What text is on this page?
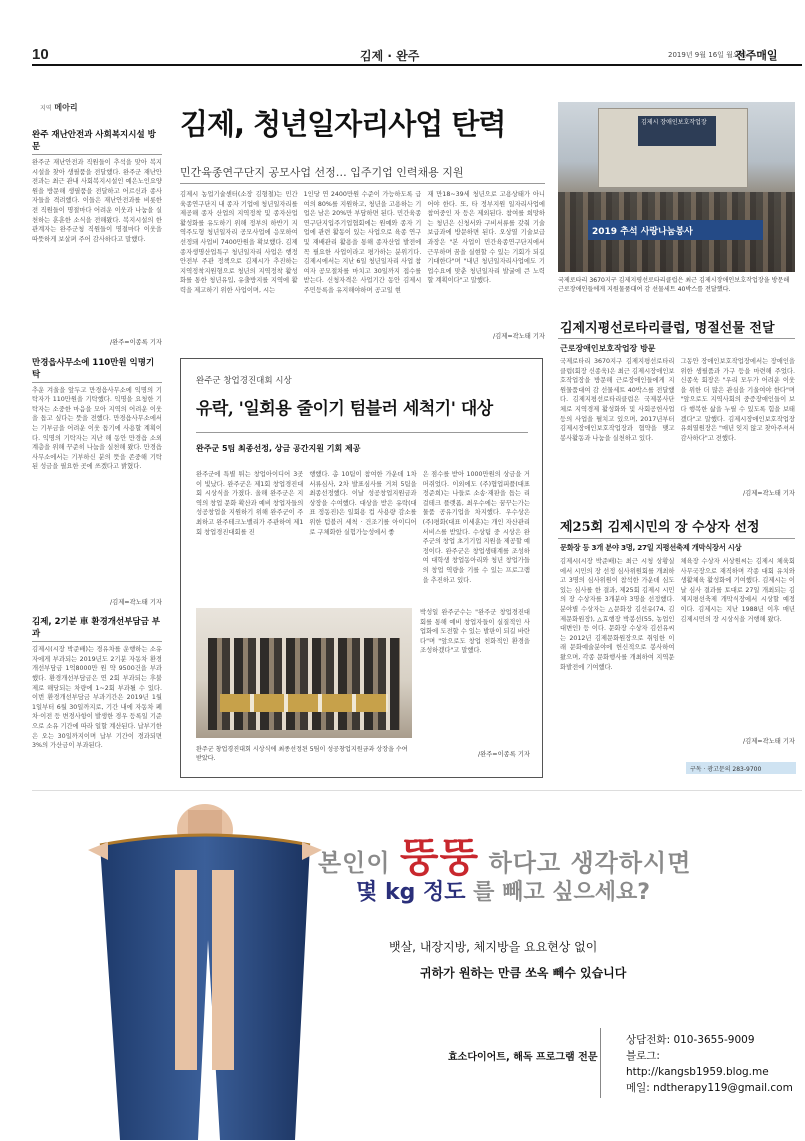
10	김제 · 완주	2019년 9월 16일 월요일
전주매일
지역 메아리
완주 재난안전과 사회복지시설 방문

완주군 재난안전과 직원들이 추석을 맞아 복지시설을 찾아 생필품을 전달했다. 완주군 재난안전과는 최근 관내 사회복지시설인 예은노인요양원을 방문해 생필품을 전달하고 어르신과 종사자들을 격려했다. 이들은 재난안전과를 비롯한 전 직원들이 명절마다 어려운 이웃과 나눔을 실천하는 훈훈한 소식을 전해왔다. 복지시설의 한 관계자는 완주군청 직원들이 명절마다 이웃을 따뜻하게 보살펴 주어 감사하다고 말했다.

/완주=이종록 기자

만경읍사무소에 110만원 익명기탁

추운 겨울을 앞두고 만경읍사무소에 익명의 기탁자가 110만원을 기탁했다. 익명을 요청한 기탁자는 소중한 마음을 모아 지역의 어려운 이웃을 돕고 싶다는 뜻을 전했다. 만경읍사무소에서는 기부금을 어려운 이웃 돕기에 사용할 계획이다. 익명의 기탁자는 지난 해 동안 만경읍 소외계층을 위해 꾸준히 나눔을 실천해 왔다. 만경읍사무소에서는 기부하신 분의 뜻을 존중해 기탁된 성금을 필요한 곳에 쓰겠다고 밝혔다.

/김제=곽노태 기자

김제, 2기분 車 환경개선부담금 부과

김제시(시장 박준배)는 경유차를 운행하는 소유자에게 부과되는 2019년도 2기분 자동차 환경개선부담금 1억8000만 원 약 9500건을 부과했다. 환경개선부담금은 연 2회 부과되는 후불제로 해당되는 차량에 1~2회 부과될 수 있다. 이번 환경개선부담금 부과기간은 2019년 1월 1일부터 6월 30일까지로, 기간 내에 자동차 폐차·이전 등 변경사항이 발생한 경우 등록일 기준으로 소유 기간에 따라 일할 계산된다. 납부기한은 오는 30일까지이며 납부 기간이 경과되면 3%의 가산금이 부과된다.

김제, 청년일자리사업 탄력
민간육종연구단지 공모사업 선정… 입주기업 인력채용 지원

김제시 농업기술센터(소장 김형철)는 민간육종연구단지 내 종자 기업에 청년일자리를 제공해 종자 산업의 지역정착 및 종자산업 활성화를 유도하기 위해 정부의 하반기 지역주도형 청년일자리 공모사업에 응모하여 선정돼 사업비 7400만원을 확보했다. 김제종자생명산업특구 청년일자리 사업은 행정안전부 주관 정책으로 김제시가 추진하는 지역정착지원형으로 청년의 지역정착 활성화를 통한 청년유입, 유출방지를 지역에 활력을 제고하기 위한 사업이며, 시는

1인당 연 2400만원 수준이 가능하도록 급여의 80%를 지원하고, 청년을 고용하는 기업은 남은 20%만 부담하면 된다. 민간육종연구단지입주기업협회에는 원예와 종자 기업에 관련 활동이 있는 사업으로 육종 연구 및 재배관리 활용을 통해 종자산업 발전에 꼭 필요한 사업이라고 평가하는 분위기다. 김제시에서는 지난 6일 청년일자리 사업 참여자 공모절차를 마치고 30일까지 접수를 받는다. 신청자격은 사업기간 동안 김제시 주민등록을 유지해야하며 공고일 현

재 만18~39세 청년으로 고용상태가 아니어야 한다. 또, 타 정부지원 일자리사업에 참여중인 자 등은 제외된다. 참여를 희망하는 청년은 신청서와 구비서류를 갖춰 기술보급과에 방문하면 된다. 오상열 기술보급과장은 "본 사업이 민간육종연구단지에서 근무하며 꿈을 실현할 수 있는 기회가 되길 기대한다"며 "내년 청년일자리사업에도 기업수요에 맞춘 청년일자리 발굴에 큰 노력할 계획이다"고 말했다.

/김제=곽노태 기자

김제시 장애인보호작업장
2019 추석 사랑나눔봉사
국제로타리 3670지구 김제지평선로타리클럽은 최근 김제시장애인보호작업장을 방문해 근로장애인들에게 지원물품대여 감 선물세트 40박스를 전달했다.
김제지평선로타리클럽, 명절선물 전달
근로장애인보호작업장 방문

국제로타리 3670지구 김제지평선로타리클럽(회장 신종욱)은 최근 김제시장애인보호작업장을 방문해 근로장애인들에게 지원물품대여 감 선물세트 40박스를 전달했다. 김제지평선로타리클럽은 국제봉사단체로 지역경제 활성화와 및 사회공헌사업 등의 사업을 펼치고 있으며, 2017년부터 김제시장애인보호작업장과 협약을 맺고 봉사활동과 나눔을 실천하고 있다.

그동안 장애인보호작업장에서는 장애인을 위한 생필품과 가구 등을 마련해 주었다. 신종욱 회장은 "우리 모두가 어려운 이웃을 위한 더 많은 관심을 기울여야 한다"며 "앞으로도 지역사회의 중증장애인들이 보다 행복한 삶을 누릴 수 있도록 힘을 보태겠다"고 말했다. 김제시장애인보호작업장 유희열원장은 "매년 잊지 않고 찾아주셔서 감사하다"고 전했다.

/김제=곽노태 기자

제25회 김제시민의 장 수상자 선정
문화장 등 3개 분야 3명, 27일 지평선축제 개막식장서 시상

김제시(시장 박준배)는 최근 시청 상황실에서 시민의 장 선정 심사위원회를 개최하고 3명의 심사위원이 참석한 가운데 심도있는 심사를 한 결과, 제25회 김제시 시민의 장 수상자를 3개분야 3명을 선정했다. 분야별 수상자는 △문화장 김선유(74, 김제문화원장), △효행장 박봉선(55, 농업인 대변인) 등 이다. 문화장 수상자 김선유씨는 2012년 김제문화원장으로 취임한 이래 문화예술분야에 헌신적으로 봉사하여 왔으며, 각종 문화행사를 개최하여 지역문화발전에 기여했다.

체육장 수상자 서상원씨는 김제시 체육회 사무국장으로 재직하며 각종 대회 유치와 생활체육 활성화에 기여했다. 김제시는 이날 심사 결과를 토대로 27일 개최되는 김제지평선축제 개막식장에서 시상할 예정이다. 김제시는 지난 1988년 이후 매년 김제시민의 장 시상식을 거행해 왔다.

/김제=곽노태 기자

구독 · 광고문의 283-9700
완주군 창업경진대회 시상
유락, '일회용 줄이기 텀블러 세척기' 대상
완주군 5팀 최종선정, 상금 공간지원 기회 제공

완주군에 특별 튀는 창업아이디어 3곳이 빛났다. 완주군은 제1회 창업경진대회 시상식을 가졌다. 올해 완주군은 지역의 창업 문화 확산과 예비 창업자들의 성공창업을 지원하기 위해 완주군이 주최하고 완주테크노밸리가 주관하여 제1회 창업경진대회를 진

행했다. 총 10팀이 참여한 가운데 1차 서류심사, 2차 발표심사를 거쳐 5팀을 최종선정했다. 이날 성공창업지원금과 상장을 수여했다. 대상을 받은 유락(대표 정동진)은 일회용 컵 사용량 감소를 위한 텀블러 세척 · 건조기를 아이디어로 구체화한 실험가능성에서 좋

은 점수를 받아 1000만원의 상금을 거머쥐었다. 이외에도 (주)협업피플(대표 정준희)는 나들로 소송·재판을 돕는 리걸테크 플랫폼, 최우수에는 꿈꾸는가는 물품 공유기업을 차지했다. 우수상은 (주)평화(대표 이세훈)는 개인 자산관리 서비스를 받았다. 수상팀 중 시상은 완주군의 창업 초기기업 지원을 제공할 예정이다. 완주군은 창업생태계를 조성하여 대학생 창업동아리와 청년 창업가들의 창업 역량을 기를 수 있는 프로그램을 추진하고 있다.

완주군 창업경진대회 시상식에 최종선정된 5팀이 성공창업지원금과 상장을 수여 받았다.

박성일 완주군수는 "완주군 창업경진대회를 통해 예비 창업자들이 실질적인 사업화에 도전할 수 있는 발판이 되길 바란다"며 "앞으로도 창업 친화적인 환경을 조성하겠다"고 말했다.

/완주=이종록 기자

본인이 뚱뚱 하다고 생각하시면
몇 kg 정도 를 빼고 싶으세요?
뱃살, 내장지방, 체지방을 요요현상 없이
귀하가 원하는 만큼 쏘옥 빼수 있습니다
효소다이어트, 해독 프로그램 전문
상담전화: 010-3655-9009
블로그: http://kangsb1959.blog.me
메일: ndtherapy119@gmail.com
